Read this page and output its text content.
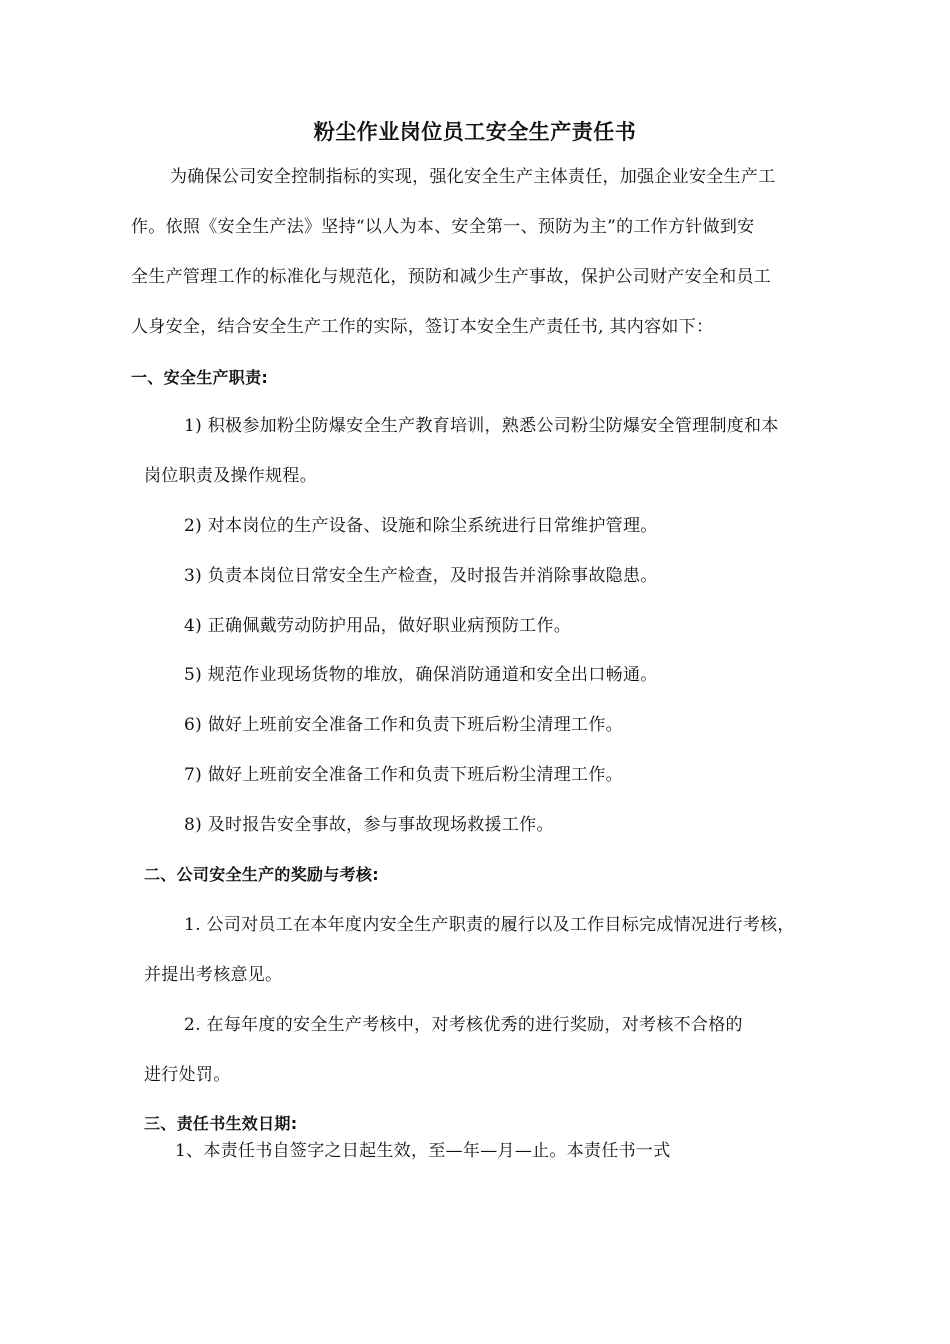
粉尘作业岗位员工安全生产责任书
为确保公司安全控制指标的实现，强化安全生产主体责任，加强企业安全生产工
作。依照《安全生产法》坚持“以人为本、安全第一、预防为主”的工作方针做到安
全生产管理工作的标准化与规范化，预防和减少生产事故，保护公司财产安全和员工
人身安全，结合安全生产工作的实际，签订本安全生产责任书, 其内容如下：
一、安全生产职责:
1) 积极参加粉尘防爆安全生产教育培训，熟悉公司粉尘防爆安全管理制度和本
岗位职责及操作规程。
2) 对本岗位的生产设备、设施和除尘系统进行日常维护管理。
3) 负责本岗位日常安全生产检查，及时报告并消除事故隐患。
4) 正确佩戴劳动防护用品，做好职业病预防工作。
5) 规范作业现场货物的堆放，确保消防通道和安全出口畅通。
6) 做好上班前安全准备工作和负责下班后粉尘清理工作。
7) 做好上班前安全准备工作和负责下班后粉尘清理工作。
8) 及时报告安全事故，参与事故现场救援工作。
二、公司安全生产的奖励与考核:
1. 公司对员工在本年度内安全生产职责的履行以及工作目标完成情况进行考核，
并提出考核意见。
2. 在每年度的安全生产考核中，对考核优秀的进行奖励，对考核不合格的
进行处罚。
三、责任书生效日期:
1、本责任书自签字之日起生效，至—年—月—止。本责任书一式
